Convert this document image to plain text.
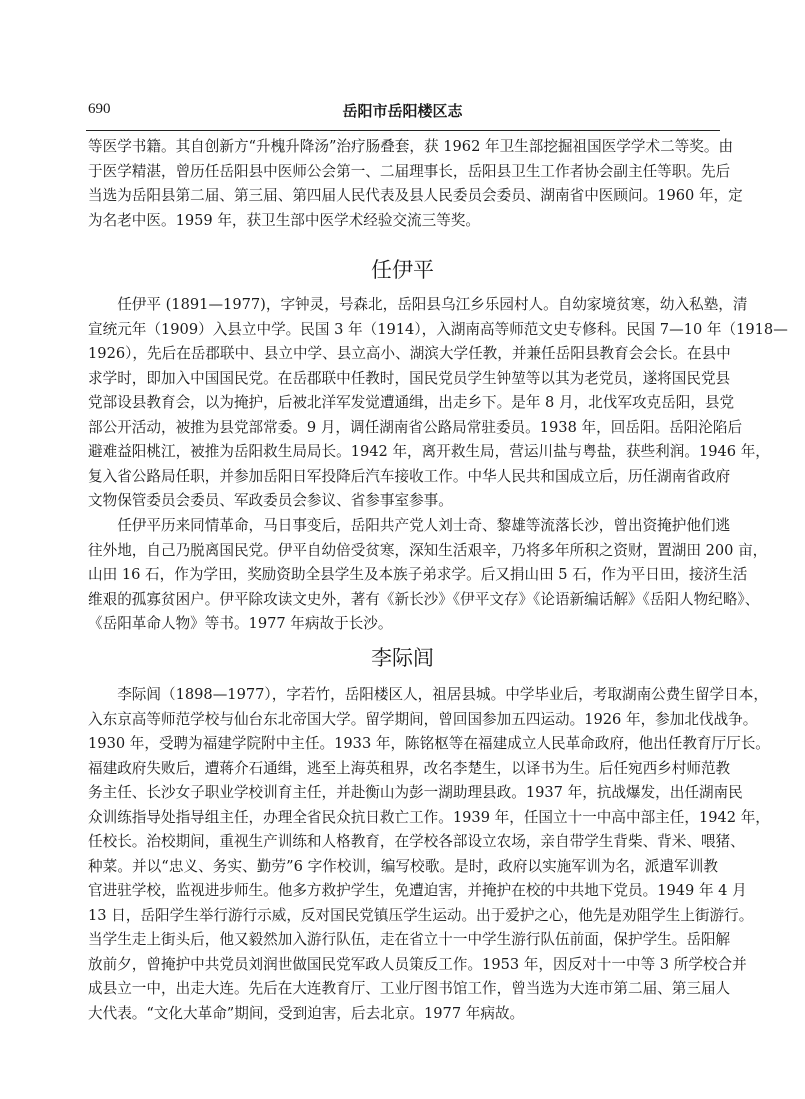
690	岳阳市岳阳楼区志
等医学书籍。其自创新方“升槐升降汤”治疗肠叠套，获 1962 年卫生部挖掘祖国医学学术二等奖。由
于医学精湛，曾历任岳阳县中医师公会第一、二届理事长，岳阳县卫生工作者协会副主任等职。先后
当选为岳阳县第二届、第三届、第四届人民代表及县人民委员会委员、湖南省中医顾问。1960 年，定
为名老中医。1959 年，获卫生部中医学术经验交流三等奖。
任伊平
任伊平 (1891—1977)，字钟灵，号森北，岳阳县乌江乡乐园村人。自幼家境贫寒，幼入私塾，清
宣统元年（1909）入县立中学。民国 3 年（1914），入湖南高等师范文史专修科。民国 7—10 年（1918—
1926），先后在岳郡联中、县立中学、县立高小、湖滨大学任教，并兼任岳阳县教育会会长。在县中
求学时，即加入中国国民党。在岳郡联中任教时，国民党员学生钟堃等以其为老党员，遂将国民党县
党部设县教育会，以为掩护，后被北洋军发觉遭通缉，出走乡下。是年 8 月，北伐军攻克岳阳，县党
部公开活动，被推为县党部常委。9 月，调任湖南省公路局常驻委员。1938 年，回岳阳。岳阳沦陷后
避难益阳桃江，被推为岳阳救生局局长。1942 年，离开救生局，营运川盐与粤盐，获些利润。1946 年，
复入省公路局任职，并参加岳阳日军投降后汽车接收工作。中华人民共和国成立后，历任湖南省政府
文物保管委员会委员、军政委员会参议、省参事室参事。
任伊平历来同情革命，马日事变后，岳阳共产党人刘士奇、黎雄等流落长沙，曾出资掩护他们逃
往外地，自己乃脱离国民党。伊平自幼倍受贫寒，深知生活艰辛，乃将多年所积之资财，置湖田 200 亩，
山田 16 石，作为学田，奖励资助全县学生及本族子弟求学。后又捐山田 5 石，作为平日田，接济生活
维艰的孤寡贫困户。伊平除攻读文史外，著有《新长沙》《伊平文存》《论语新编话解》《岳阳人物纪略》、
《岳阳革命人物》等书。1977 年病故于长沙。
李际闾
李际闾（1898—1977），字若竹，岳阳楼区人，祖居县城。中学毕业后，考取湖南公费生留学日本，
入东京高等师范学校与仙台东北帝国大学。留学期间，曾回国参加五四运动。1926 年，参加北伐战争。
1930 年，受聘为福建学院附中主任。1933 年，陈铭枢等在福建成立人民革命政府，他出任教育厅厅长。
福建政府失败后，遭蒋介石通缉，逃至上海英租界，改名李楚生，以译书为生。后任宛西乡村师范教
务主任、长沙女子职业学校训育主任，并赴衡山为彭一湖助理县政。1937 年，抗战爆发，出任湖南民
众训练指导处指导组主任，办理全省民众抗日救亡工作。1939 年，任国立十一中高中部主任，1942 年，
任校长。治校期间，重视生产训练和人格教育，在学校各部设立农场，亲自带学生背柴、背米、喂猪、
种菜。并以“忠义、务实、勤劳”6 字作校训，编写校歌。是时，政府以实施军训为名，派遣军训教
官进驻学校，监视进步师生。他多方救护学生，免遭迫害，并掩护在校的中共地下党员。1949 年 4 月
13 日，岳阳学生举行游行示威，反对国民党镇压学生运动。出于爱护之心，他先是劝阻学生上街游行。
当学生走上街头后，他又毅然加入游行队伍，走在省立十一中学生游行队伍前面，保护学生。岳阳解
放前夕，曾掩护中共党员刘润世做国民党军政人员策反工作。1953 年，因反对十一中等 3 所学校合并
成县立一中，出走大连。先后在大连教育厅、工业厅图书馆工作，曾当选为大连市第二届、第三届人
大代表。“文化大革命”期间，受到迫害，后去北京。1977 年病故。
